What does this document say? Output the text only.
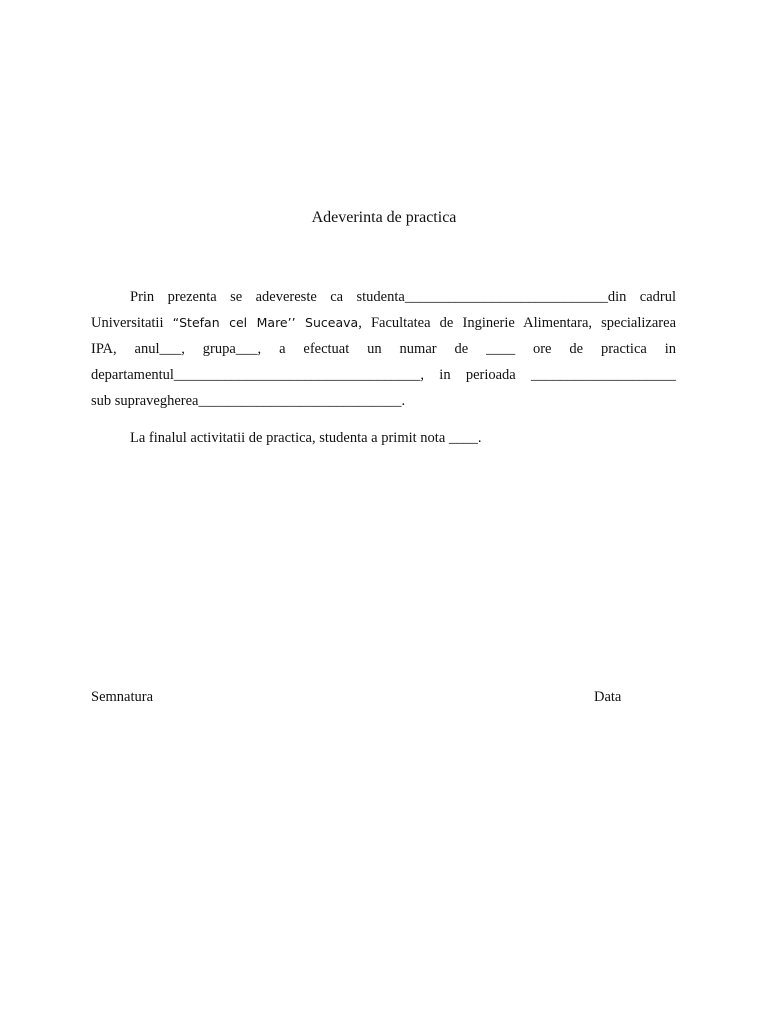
Adeverinta de practica
Prin prezenta se adevereste ca studenta____________________________din cadrul
Universitatii “Stefan cel Mare’’ Suceava, Facultatea de Inginerie Alimentara, specializarea
IPA, anul___, grupa___, a efectuat un numar de ____ ore de practica in
departamentul__________________________________, in perioada ____________________
sub supravegherea____________________________.
La finalul activitatii de practica, studenta a primit nota ____.
Semnatura	Data
